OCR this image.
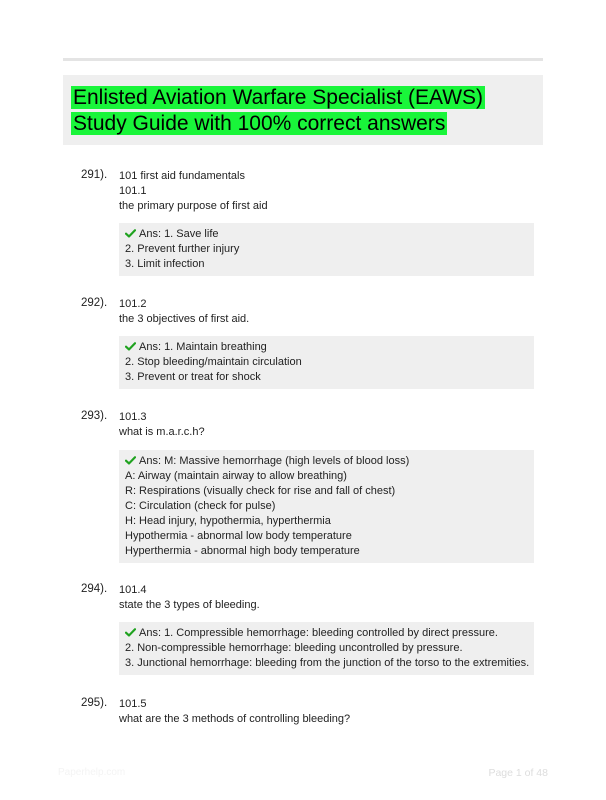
Enlisted Aviation Warfare Specialist (EAWS)
Study Guide with 100% correct answers
291). 101 first aid fundamentals
101.1
the primary purpose of first aid
Ans: 1. Save life
2. Prevent further injury
3. Limit infection
292). 101.2
the 3 objectives of first aid.
Ans: 1. Maintain breathing
2. Stop bleeding/maintain circulation
3. Prevent or treat for shock
293). 101.3
what is m.a.r.c.h?
Ans: M: Massive hemorrhage (high levels of blood loss)
A: Airway (maintain airway to allow breathing)
R: Respirations (visually check for rise and fall of chest)
C: Circulation (check for pulse)
H: Head injury, hypothermia, hyperthermia
Hypothermia - abnormal low body temperature
Hyperthermia - abnormal high body temperature
294). 101.4
state the 3 types of bleeding.
Ans: 1. Compressible hemorrhage: bleeding controlled by direct pressure.
2. Non-compressible hemorrhage: bleeding uncontrolled by pressure.
3. Junctional hemorrhage: bleeding from the junction of the torso to the extremities.
295). 101.5
what are the 3 methods of controlling bleeding?
Paperhelp.com	Page 1 of 48
